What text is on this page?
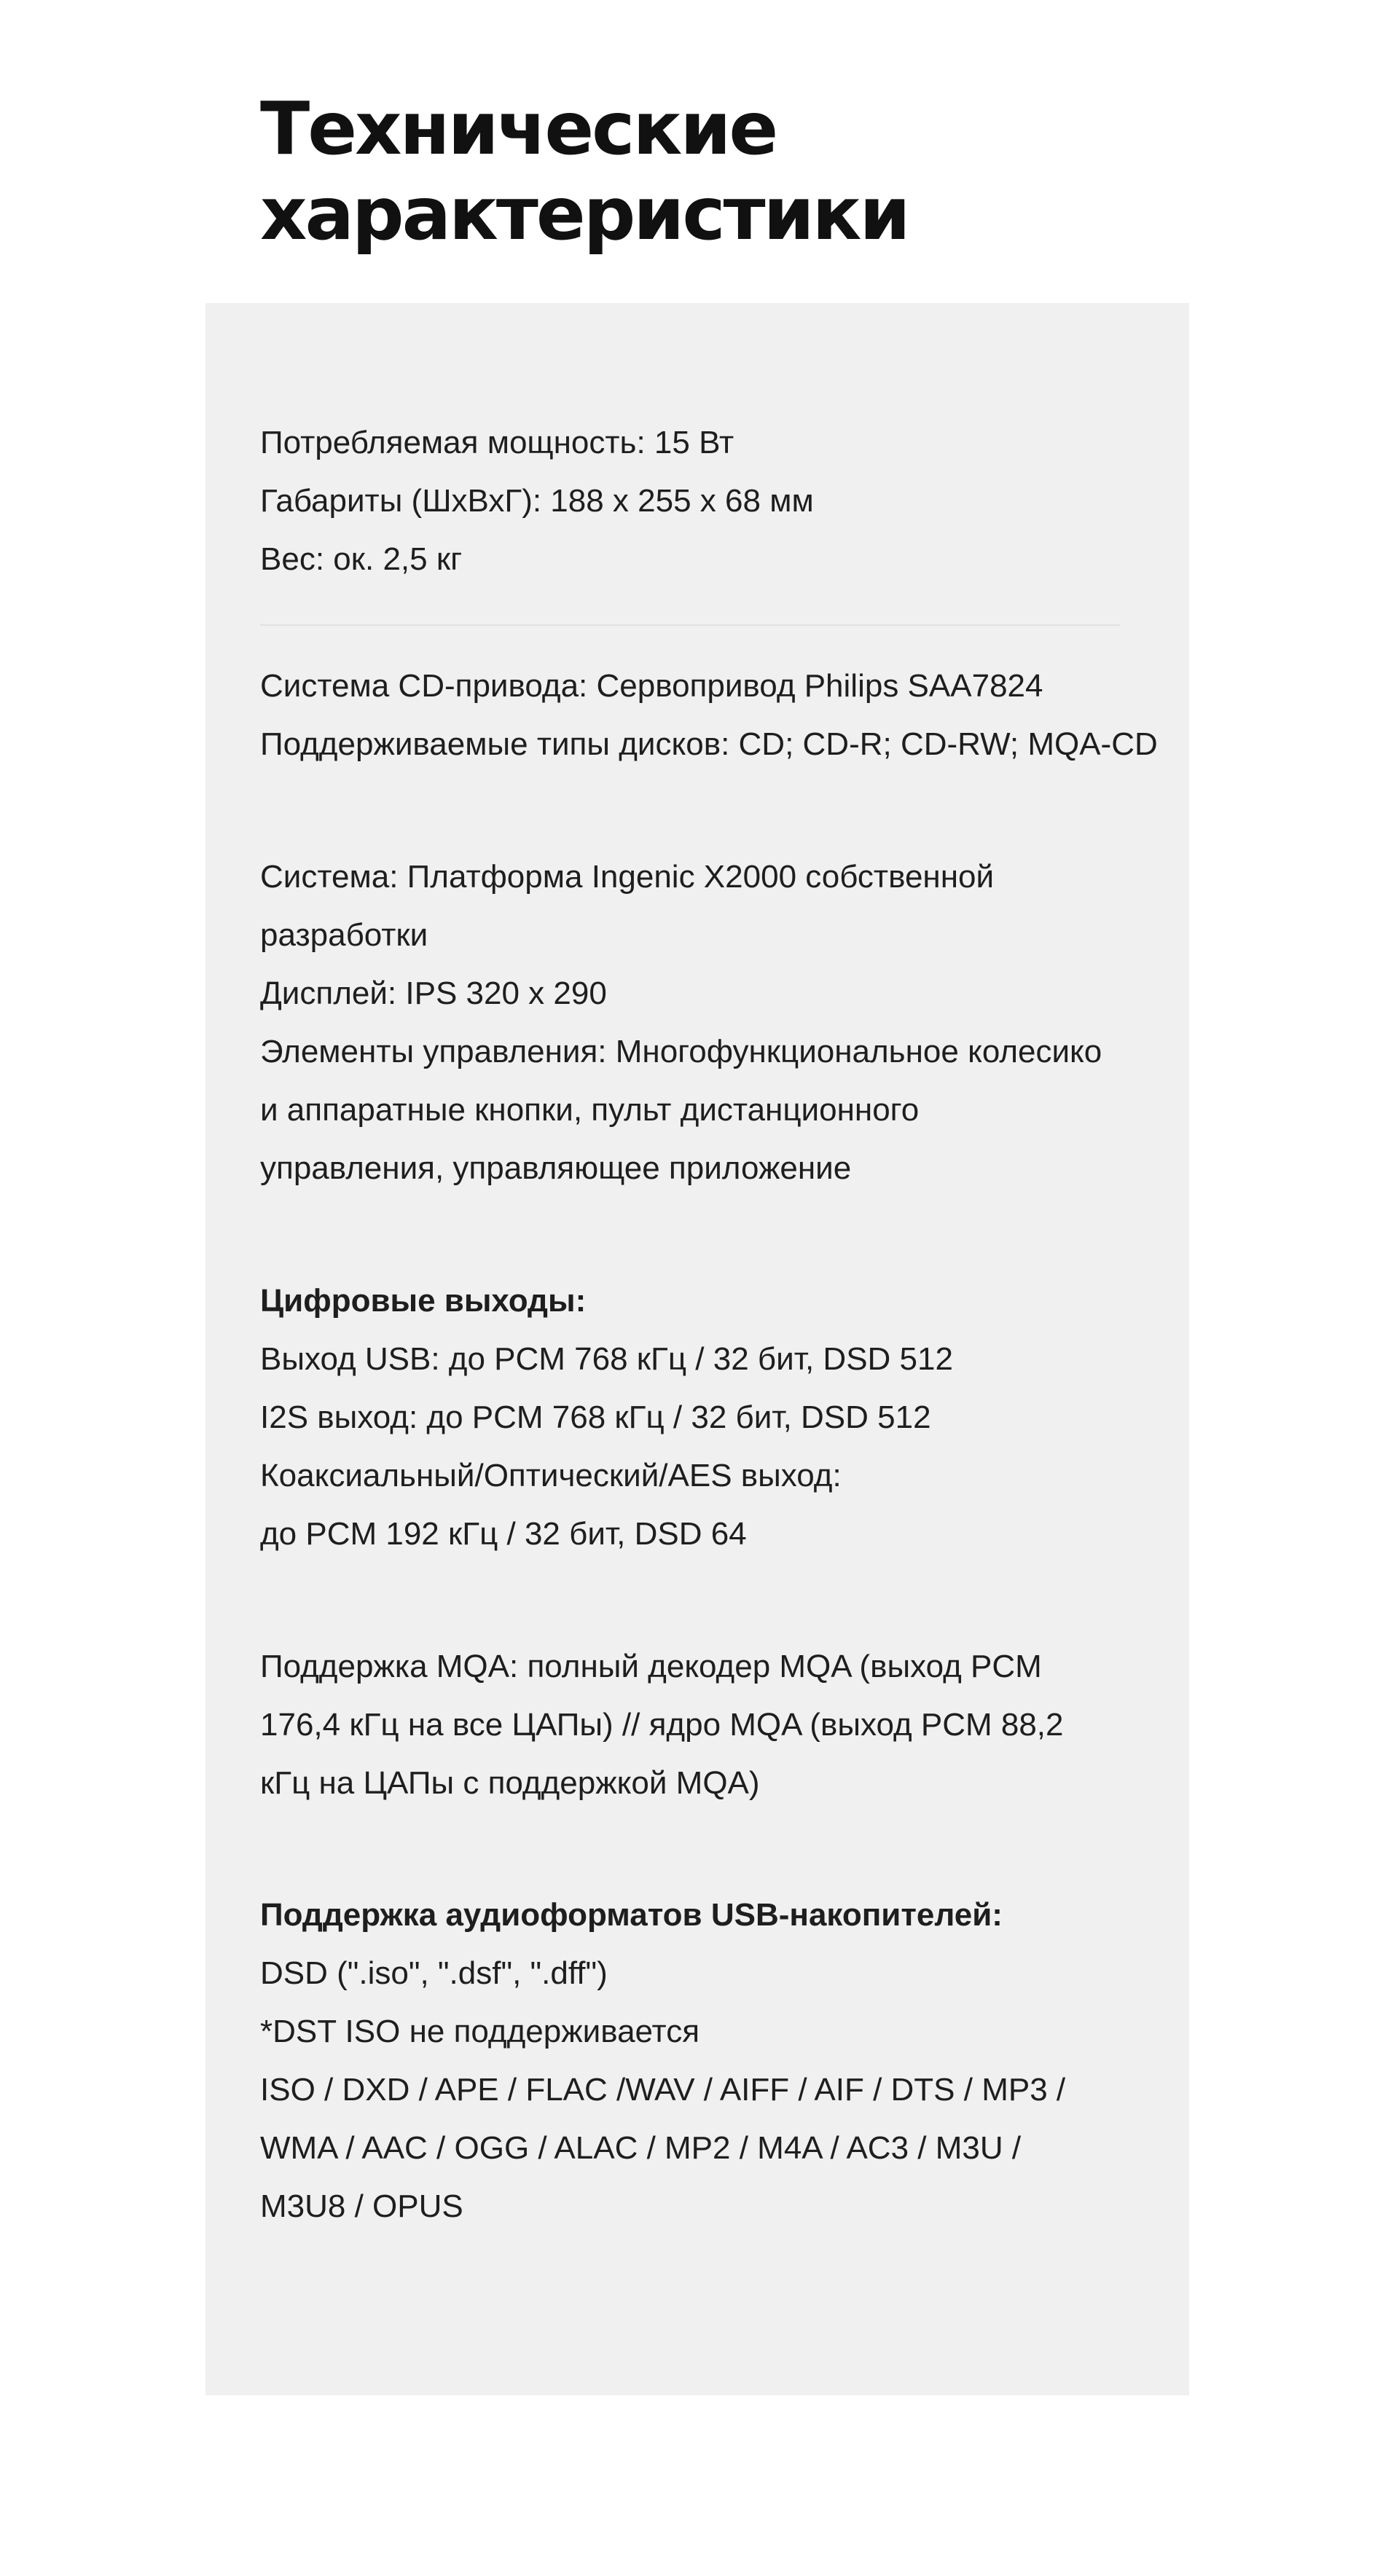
Технические
характеристики

Потребляемая мощность: 15 Вт

Габариты (ШхВхГ): 188 x 255 x 68 мм

Вес: ок. 2,5 кг

Система CD-привода: Сервопривод Philips SAA7824

Поддерживаемые типы дисков: CD; CD-R; CD-RW; MQA-CD

Система: Платформа Ingenic X2000 собственной
разработки

Дисплей: IPS 320 x 290

Элементы управления: Многофункциональное колесико
и аппаратные кнопки, пульт дистанционного
управления, управляющее приложение

Цифровые выходы:

Выход USB: до PCM 768 кГц / 32 бит, DSD 512

I2S выход: до PCM 768 кГц / 32 бит, DSD 512

Коаксиальный/Оптический/AES выход:
до PCM 192 кГц / 32 бит, DSD 64

Поддержка MQA: полный декодер MQA (выход PCM
176,4 кГц на все ЦАПы) // ядро MQA (выход PCM 88,2
кГц на ЦАПы с поддержкой MQA)

Поддержка аудиоформатов USB-накопителей:

DSD (".iso", ".dsf", ".dff")

*DST ISO не поддерживается

ISO / DXD / APE / FLAC /WAV / AIFF / AIF / DTS / MP3 /
WMA / AAC / OGG / ALAC / MP2 / M4A / AC3 / M3U /
M3U8 / OPUS
